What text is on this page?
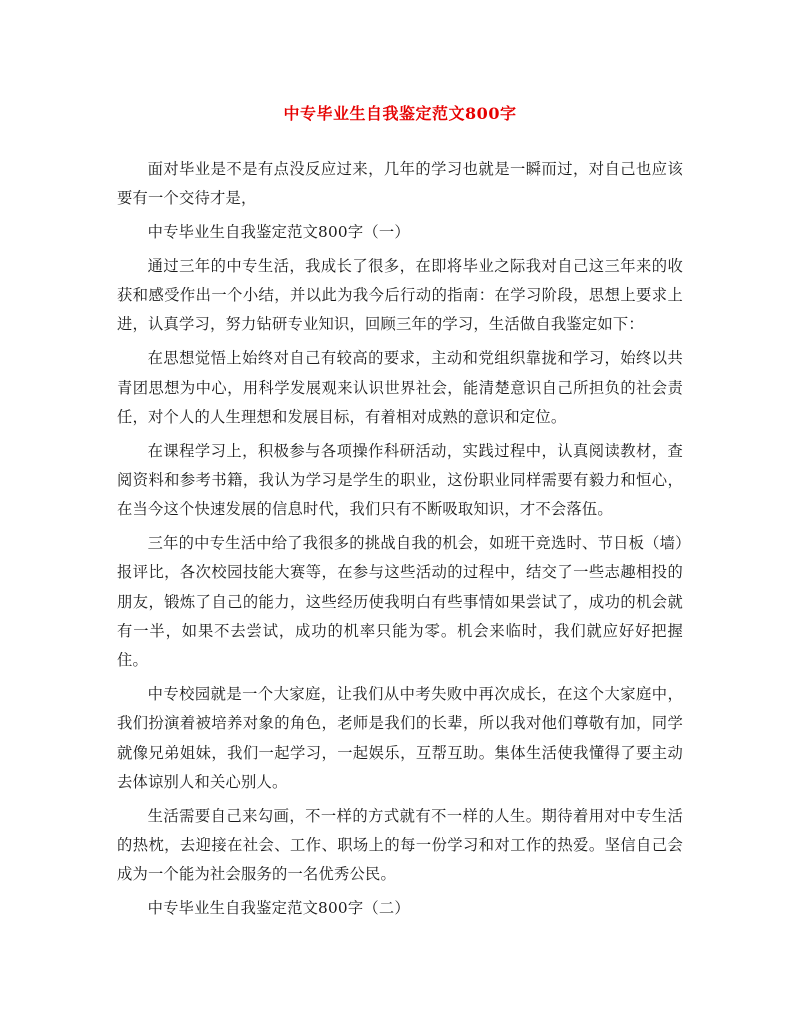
中专毕业生自我鉴定范文800字

面对毕业是不是有点没反应过来，几年的学习也就是一瞬而过，对自己也应该要有一个交待才是，

中专毕业生自我鉴定范文800字（一）

通过三年的中专生活，我成长了很多，在即将毕业之际我对自己这三年来的收获和感受作出一个小结，并以此为我今后行动的指南：在学习阶段，思想上要求上进，认真学习，努力钻研专业知识，回顾三年的学习，生活做自我鉴定如下：

在思想觉悟上始终对自己有较高的要求，主动和党组织靠拢和学习，始终以共青团思想为中心，用科学发展观来认识世界社会，能清楚意识自己所担负的社会责任，对个人的人生理想和发展目标，有着相对成熟的意识和定位。

在课程学习上，积极参与各项操作科研活动，实践过程中，认真阅读教材，查阅资料和参考书籍，我认为学习是学生的职业，这份职业同样需要有毅力和恒心，在当今这个快速发展的信息时代，我们只有不断吸取知识，才不会落伍。

三年的中专生活中给了我很多的挑战自我的机会，如班干竞选时、节日板（墙）报评比，各次校园技能大赛等，在参与这些活动的过程中，结交了一些志趣相投的朋友，锻炼了自己的能力，这些经历使我明白有些事情如果尝试了，成功的机会就有一半，如果不去尝试，成功的机率只能为零。机会来临时，我们就应好好把握住。

中专校园就是一个大家庭，让我们从中考失败中再次成长，在这个大家庭中，我们扮演着被培养对象的角色，老师是我们的长辈，所以我对他们尊敬有加，同学就像兄弟姐妹，我们一起学习，一起娱乐，互帮互助。集体生活使我懂得了要主动去体谅别人和关心别人。

生活需要自己来勾画，不一样的方式就有不一样的人生。期待着用对中专生活的热枕，去迎接在社会、工作、职场上的每一份学习和对工作的热爱。坚信自己会成为一个能为社会服务的一名优秀公民。

中专毕业生自我鉴定范文800字（二）
